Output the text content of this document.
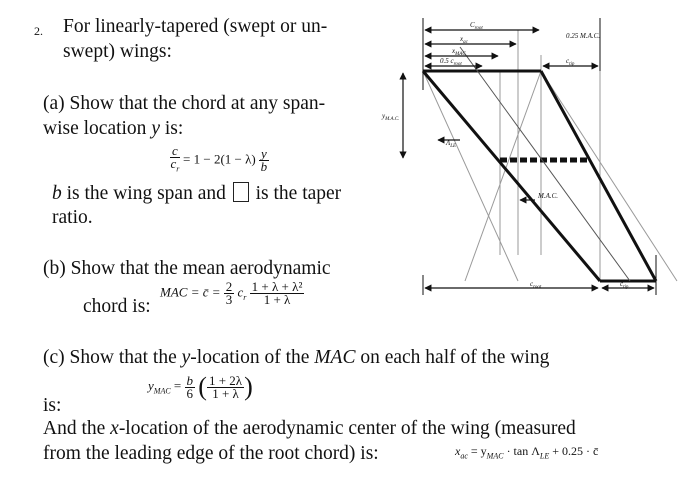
2. For linearly-tapered (swept or un-
swept) wings:
(a) Show that the chord at any span-
wise location y is:
$\frac{c}{c_r} = 1 - 2(1 - \lambda) \frac{y}{b}$
b is the wing span and is the taper
ratio.
(b) Show that the mean aerodynamic
chord is:
MAC = c̄ = $\frac{2}{3} c_r \frac{\text{1 + λ + λ²}}{1 + \lambda}$
(c) Show that the y-location of the MAC on each half of the wing
$y_{MAC} = \frac{b}{6}$ ( $\frac{1 + 2\lambda}{1 + \lambda}$ )
is:
And the x-location of the aerodynamic center of the wing (measured
from the leading edge of the root chord) is:	$x_{ac} = y_{MAC} \cdot \tan \Lambda_{LE} + 0.25$ · c̄
$C_{root}$
$x_{ac}$
$x_{MAC}$
0.5 $c_{root}$
0.25 M.A.C.
$c_{tip}$
$y_{M.A.C.}$
$\Lambda_{LE}$
M.A.C.
$c_{root}$	$c_{tip}$
